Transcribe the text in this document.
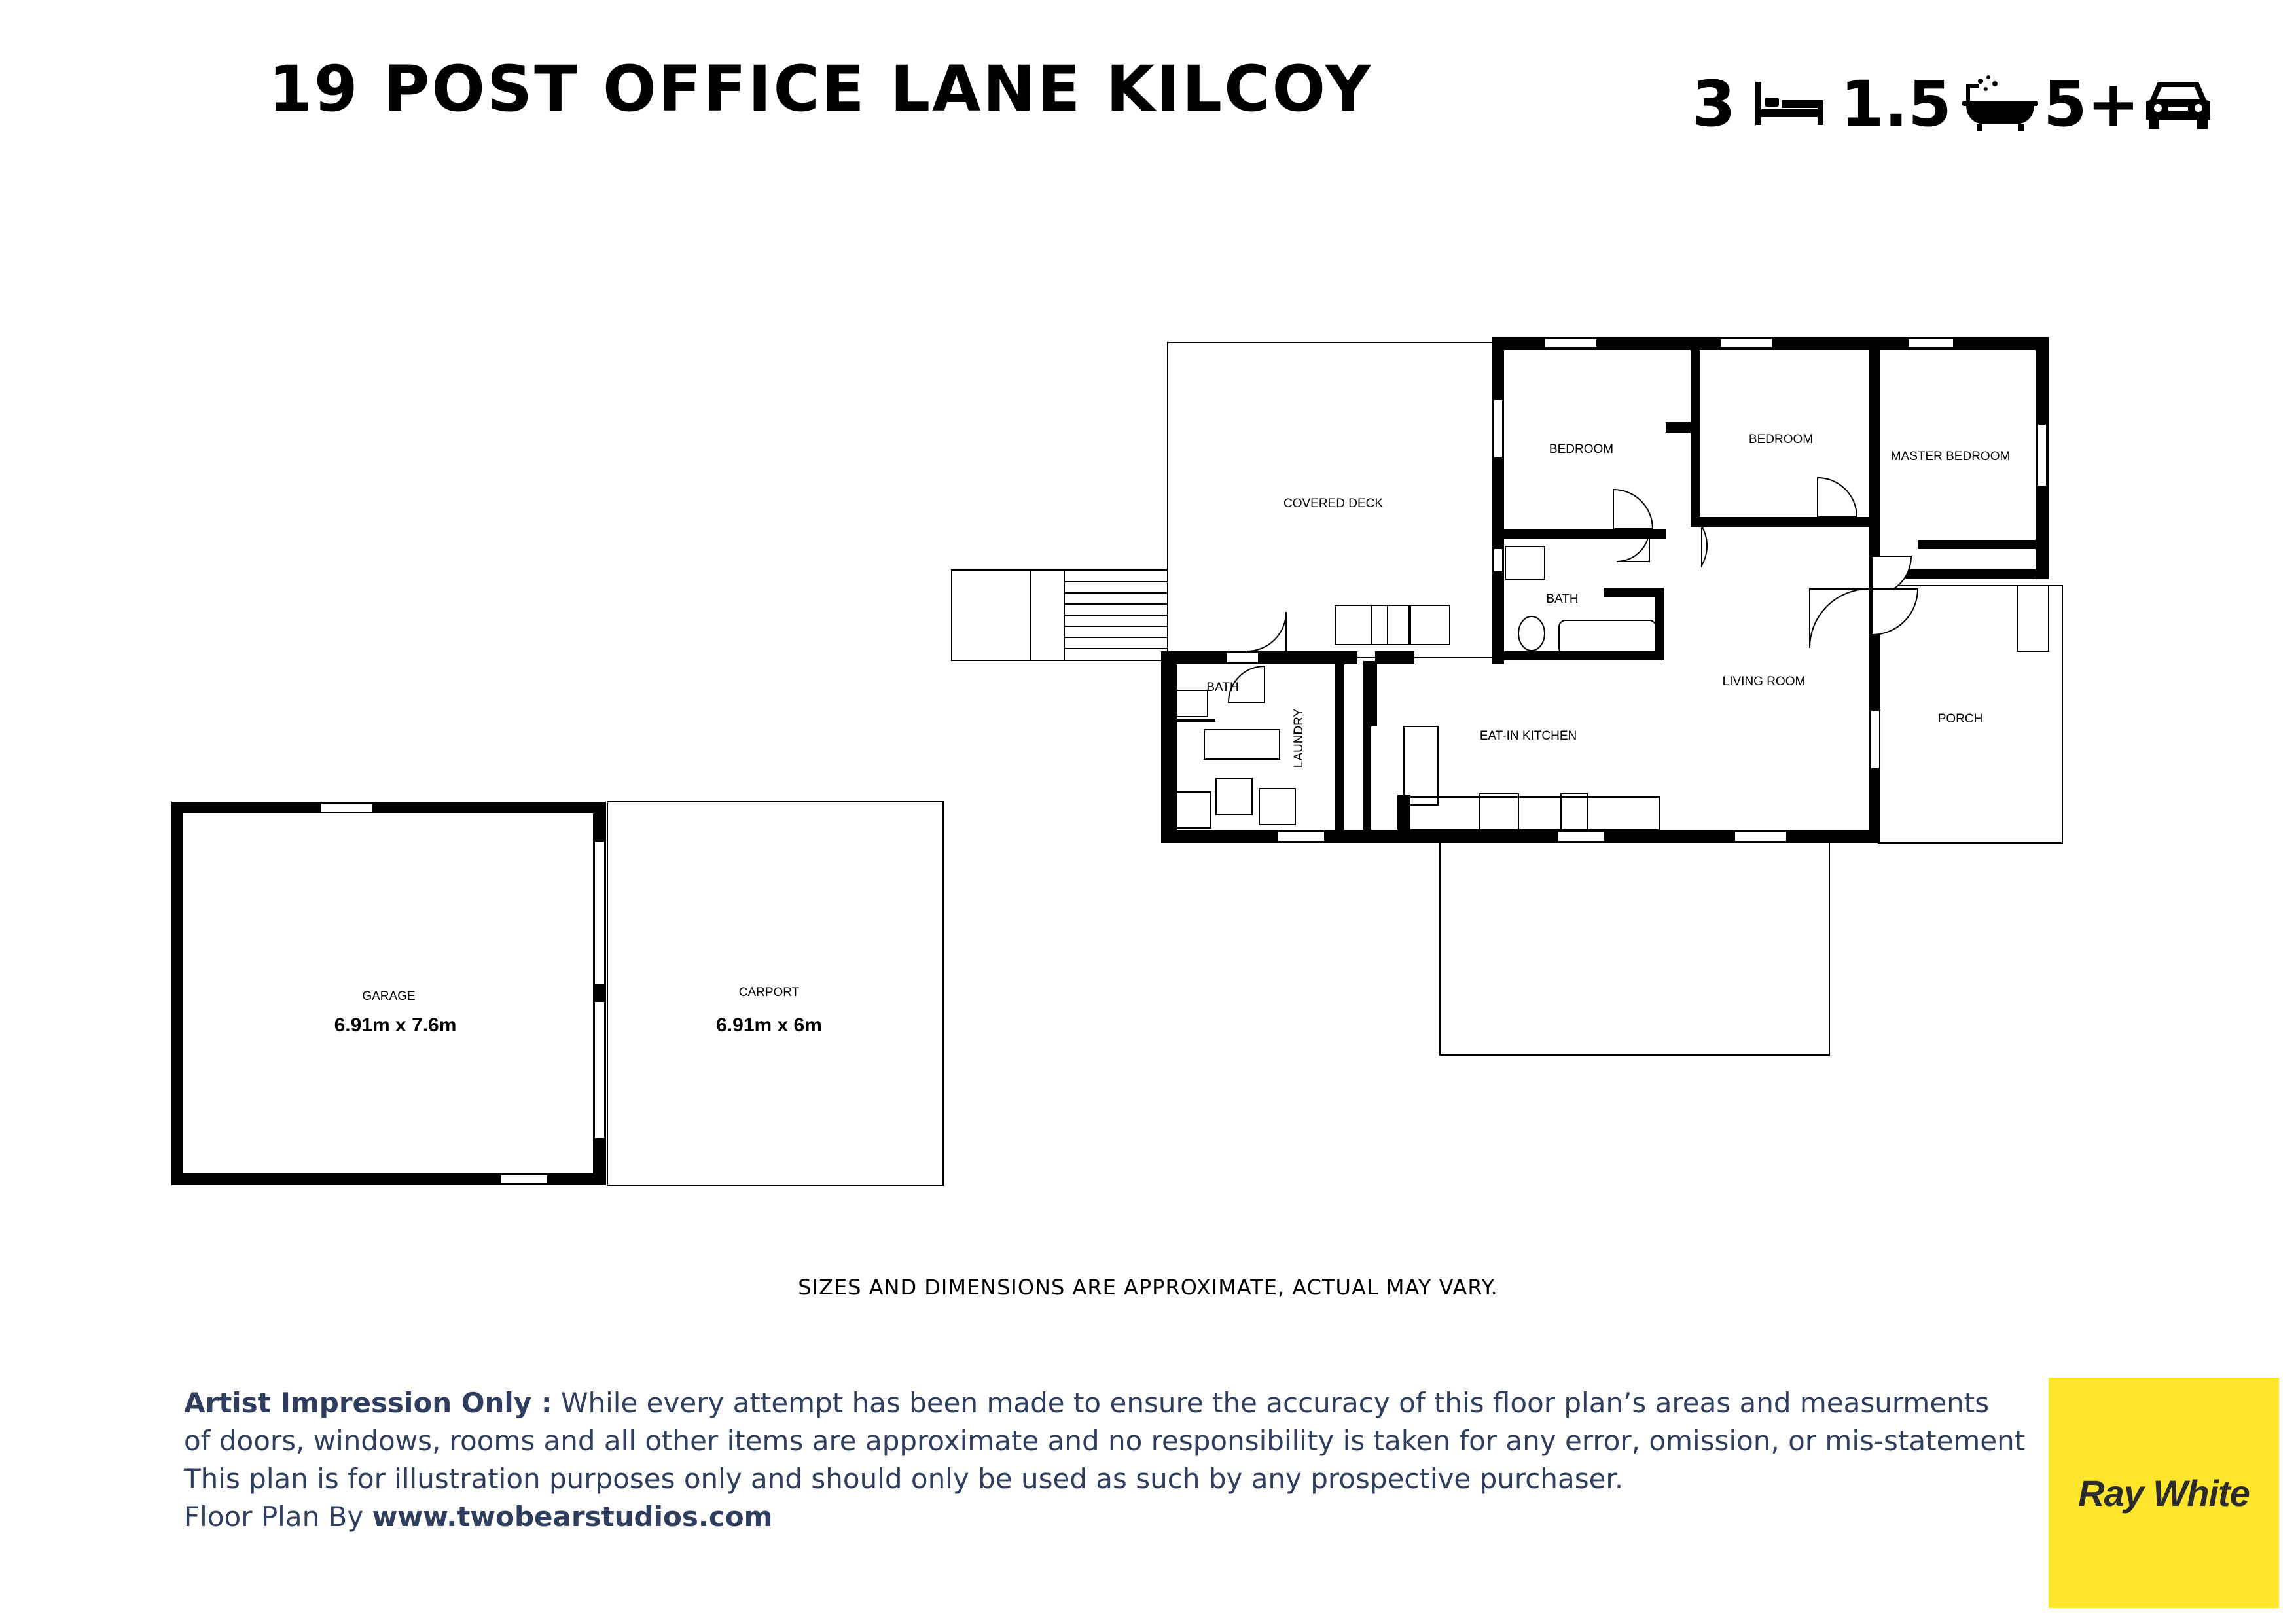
19 POST OFFICE LANE KILCOY	3 1.5 5+
COVERED DECK
BEDROOM
BEDROOM
MASTER BEDROOM
BATH
LIVING ROOM
PORCH
BATH
LAUNDRY	EAT-IN KITCHEN
GARAGE
6.91m x 7.6m
CARPORT
6.91m x 6m
SIZES AND DIMENSIONS ARE APPROXIMATE, ACTUAL MAY VARY.

Artist Impression Only : While every attempt has been made to ensure the accuracy of this floor plan’s areas and measurments

of doors, windows, rooms and all other items are approximate and no responsibility is taken for any error, omission, or mis-statement

This plan is for illustration purposes only and should only be used as such by any prospective purchaser.

Floor Plan By www.twobearstudios.com

Ray White
